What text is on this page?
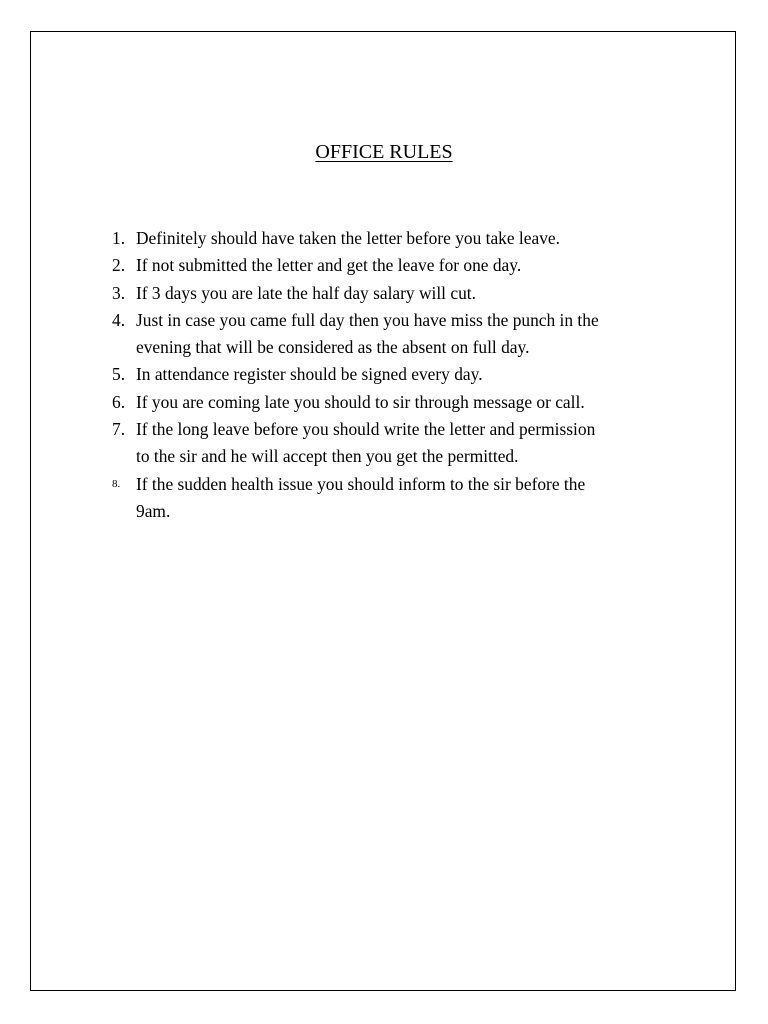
OFFICE RULES
1. Definitely should have taken the letter before you take leave.
2. If not submitted the letter and get the leave for one day.
3. If 3 days you are late the half day salary will cut.
4. Just in case you came full day then you have miss the punch in the
evening that will be considered as the absent on full day.
5. In attendance register should be signed every day.
6. If you are coming late you should to sir through message or call.
7. If the long leave before you should write the letter and permission
to the sir and he will accept then you get the permitted.
8. If the sudden health issue you should inform to the sir before the
9am.
